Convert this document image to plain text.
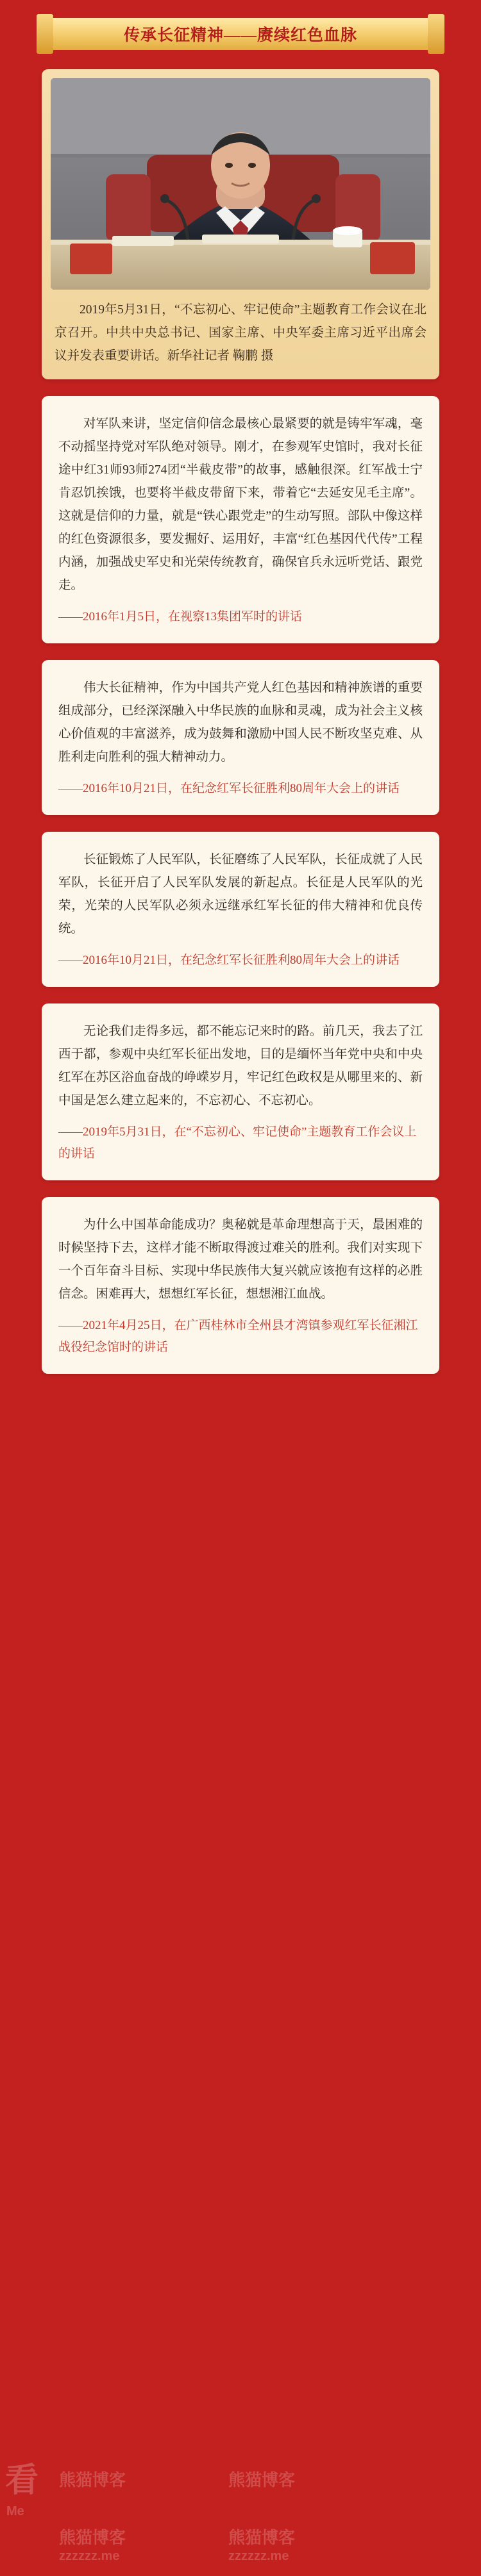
传承长征精神——赓续红色血脉
2019年5月31日，“不忘初心、牢记使命”主题教育工作会议在北京召开。中共中央总书记、国家主席、中央军委主席习近平出席会议并发表重要讲话。新华社记者 鞠鹏 摄
对军队来讲，坚定信仰信念最核心最紧要的就是铸牢军魂，毫不动摇坚持党对军队绝对领导。刚才，在参观军史馆时，我对长征途中红31师93师274团“半截皮带”的故事，感触很深。红军战士宁肯忍饥挨饿，也要将半截皮带留下来，带着它“去延安见毛主席”。这就是信仰的力量，就是“铁心跟党走”的生动写照。部队中像这样的红色资源很多，要发掘好、运用好，丰富“红色基因代代传”工程内涵，加强战史军史和光荣传统教育，确保官兵永远听党话、跟党走。
——2016年1月5日，在视察13集团军时的讲话
伟大长征精神，作为中国共产党人红色基因和精神族谱的重要组成部分，已经深深融入中华民族的血脉和灵魂，成为社会主义核心价值观的丰富滋养，成为鼓舞和激励中国人民不断攻坚克难、从胜利走向胜利的强大精神动力。
——2016年10月21日，在纪念红军长征胜利80周年大会上的讲话
长征锻炼了人民军队，长征磨练了人民军队，长征成就了人民军队，长征开启了人民军队发展的新起点。长征是人民军队的光荣，光荣的人民军队必须永远继承红军长征的伟大精神和优良传统。
——2016年10月21日，在纪念红军长征胜利80周年大会上的讲话
无论我们走得多远，都不能忘记来时的路。前几天，我去了江西于都，参观中央红军长征出发地，目的是缅怀当年党中央和中央红军在苏区浴血奋战的峥嵘岁月，牢记红色政权是从哪里来的、新中国是怎么建立起来的，不忘初心、不忘初心。
——2019年5月31日，在“不忘初心、牢记使命”主题教育工作会议上的讲话
为什么中国革命能成功？奥秘就是革命理想高于天，最困难的时候坚持下去，这样才能不断取得渡过难关的胜利。我们对实现下一个百年奋斗目标、实现中华民族伟大复兴就应该抱有这样的必胜信念。困难再大，想想红军长征，想想湘江血战。
——2021年4月25日，在广西桂林市全州县才湾镇参观红军长征湘江战役纪念馆时的讲话
看 熊猫博客	熊猫博客
熊猫博客	熊猫博客
Me
zzzzzz.me	zzzzzz.me
